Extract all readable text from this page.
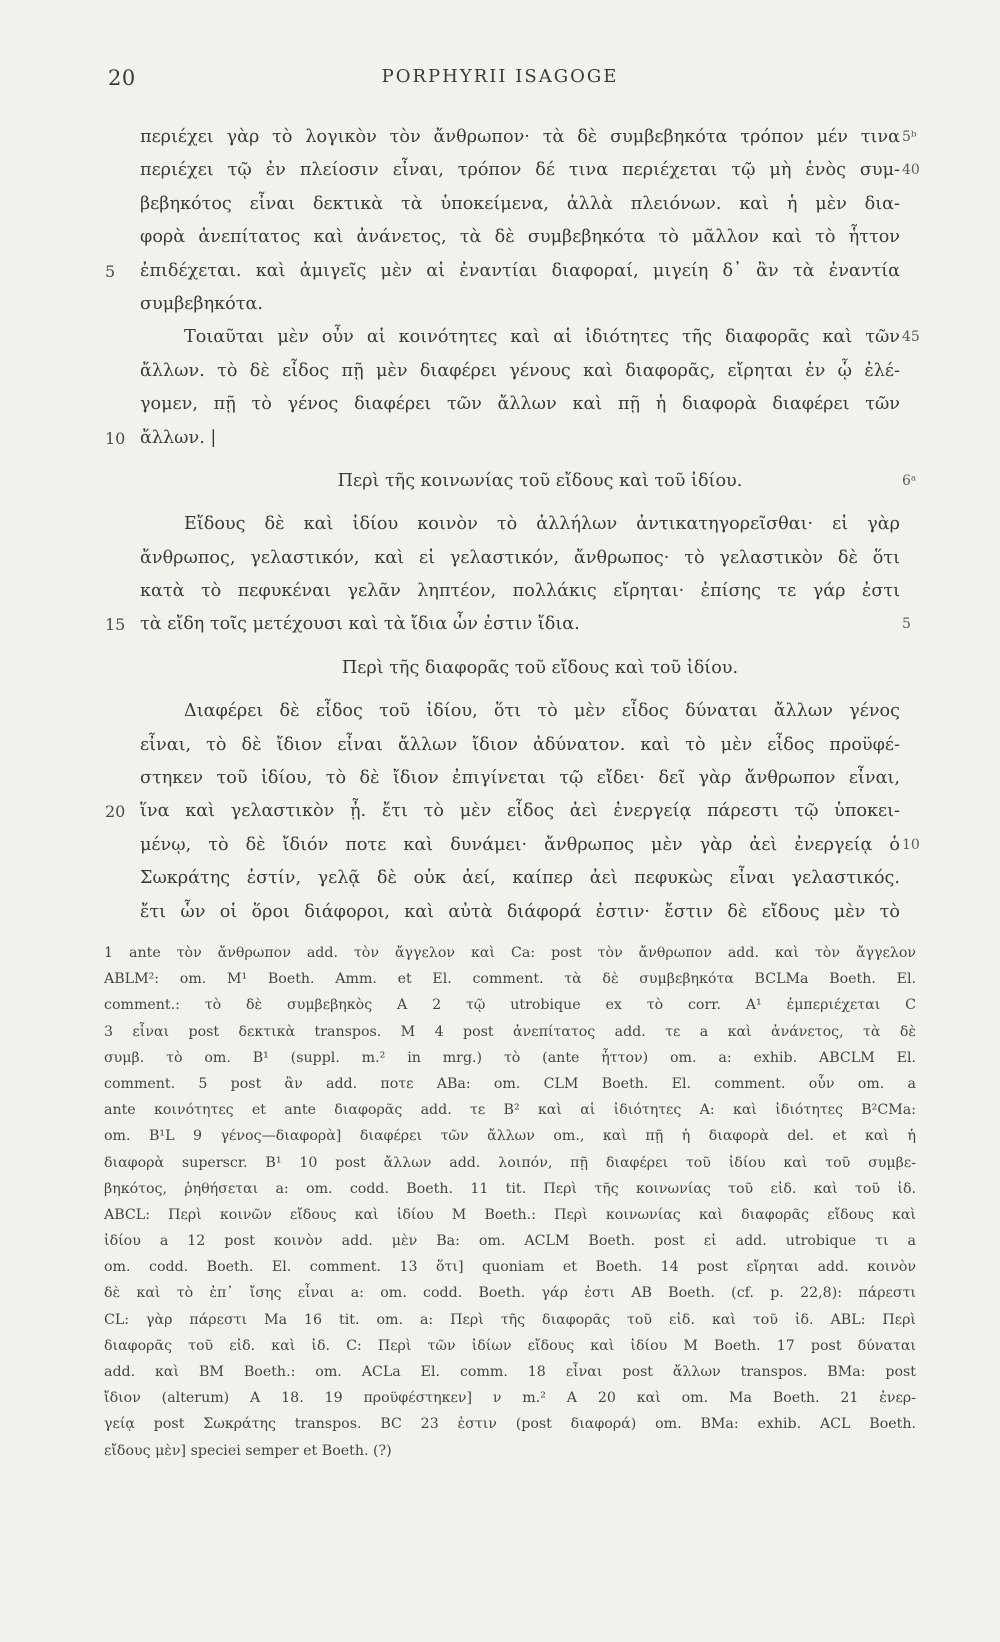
20	PORPHYRII ISAGOGE
περιέχει γὰρ τὸ λογικὸν τὸν ἄνθρωπον· τὰ δὲ συμβεβηκότα τρόπον μέν τινα 5ᵇ
περιέχει τῷ ἐν πλείοσιν εἶναι, τρόπον δέ τινα περιέχεται τῷ μὴ ἑνὸς συμ- 40
βεβηκότος εἶναι δεκτικὰ τὰ ὑποκείμενα, ἀλλὰ πλειόνων. καὶ ἡ μὲν δια-
φορὰ ἀνεπίτατος καὶ ἀνάνετος, τὰ δὲ συμβεβηκότα τὸ μᾶλλον καὶ τὸ ἧττον
5	ἐπιδέχεται. καὶ ἀμιγεῖς μὲν αἱ ἐναντίαι διαφοραί, μιγείη δ᾽ ἂν τὰ ἐναντία
συμβεβηκότα.
Τοιαῦται μὲν οὖν αἱ κοινότητες καὶ αἱ ἰδιότητες τῆς διαφορᾶς καὶ τῶν 45
ἄλλων. τὸ δὲ εἶδος πῇ μὲν διαφέρει γένους καὶ διαφορᾶς, εἴρηται ἐν ᾧ ἐλέ-
γομεν, πῇ τὸ γένος διαφέρει τῶν ἄλλων καὶ πῇ ἡ διαφορὰ διαφέρει τῶν
10 ἄλλων. |
Περὶ τῆς κοινωνίας τοῦ εἴδους καὶ τοῦ ἰδίου.	6ᵃ
Εἴδους δὲ καὶ ἰδίου κοινὸν τὸ ἀλλήλων ἀντικατηγορεῖσθαι· εἰ γὰρ
ἄνθρωπος, γελαστικόν, καὶ εἰ γελαστικόν, ἄνθρωπος· τὸ γελαστικὸν δὲ ὅτι
κατὰ τὸ πεφυκέναι γελᾶν ληπτέον, πολλάκις εἴρηται· ἐπίσης τε γάρ ἐστι
15 τὰ εἴδη τοῖς μετέχουσι καὶ τὰ ἴδια ὧν ἐστιν ἴδια.	5
Περὶ τῆς διαφορᾶς τοῦ εἴδους καὶ τοῦ ἰδίου.
Διαφέρει δὲ εἶδος τοῦ ἰδίου, ὅτι τὸ μὲν εἶδος δύναται ἄλλων γένος
εἶναι, τὸ δὲ ἴδιον εἶναι ἄλλων ἴδιον ἀδύνατον. καὶ τὸ μὲν εἶδος προϋφέ-
στηκεν τοῦ ἰδίου, τὸ δὲ ἴδιον ἐπιγίνεται τῷ εἴδει· δεῖ γὰρ ἄνθρωπον εἶναι,
20 ἵνα καὶ γελαστικὸν ᾖ. ἔτι τὸ μὲν εἶδος ἀεὶ ἐνεργείᾳ πάρεστι τῷ ὑποκει-
μένῳ, τὸ δὲ ἴδιόν ποτε καὶ δυνάμει· ἄνθρωπος μὲν γὰρ ἀεὶ ἐνεργείᾳ ὁ 10
Σωκράτης ἐστίν, γελᾷ δὲ οὐκ ἀεί, καίπερ ἀεὶ πεφυκὼς εἶναι γελαστικός.
ἔτι ὧν οἱ ὅροι διάφοροι, καὶ αὐτὰ διάφορά ἐστιν· ἔστιν δὲ εἴδους μὲν τὸ
1 ante τὸν ἄνθρωπον add. τὸν ἄγγελον καὶ Ca: post τὸν ἄνθρωπον add. καὶ τὸν ἄγγελον
ABLM²: om. M¹ Boeth. Amm. et El. comment. τὰ δὲ συμβεβηκότα BCLMa Boeth. El.
comment.: τὸ δὲ συμβεβηκὸς A 2 τῷ utrobique ex τὸ corr. A¹ ἐμπεριέχεται C
3 εἶναι post δεκτικὰ transpos. M 4 post ἀνεπίτατος add. τε a καὶ ἀνάνετος, τὰ δὲ
συμβ. τὸ om. B¹ (suppl. m.² in mrg.) τὸ (ante ἧττον) om. a: exhib. ABCLM El.
comment. 5 post ἂν add. ποτε ABa: om. CLM Boeth. El. comment. οὖν om. a
ante κοινότητες et ante διαφορᾶς add. τε B² καὶ αἱ ἰδιότητες A: καὶ ἰδιότητες B²CMa:
om. B¹L 9 γένος—διαφορὰ] διαφέρει τῶν ἄλλων om., καὶ πῇ ἡ διαφορὰ del. et καὶ ἡ
διαφορὰ superscr. B¹ 10 post ἄλλων add. λοιπόν, πῇ διαφέρει τοῦ ἰδίου καὶ τοῦ συμβε-
βηκότος, ῥηθήσεται a: om. codd. Boeth. 11 tit. Περὶ τῆς κοινωνίας τοῦ εἰδ. καὶ τοῦ ἰδ.
ABCL: Περὶ κοινῶν εἴδους καὶ ἰδίου M Boeth.: Περὶ κοινωνίας καὶ διαφορᾶς εἴδους καὶ
ἰδίου a 12 post κοινὸν add. μὲν Ba: om. ACLM Boeth. post εἰ add. utrobique τι a
om. codd. Boeth. El. comment. 13 ὅτι] quoniam et Boeth. 14 post εἴρηται add. κοινὸν
δὲ καὶ τὸ ἐπ᾽ ἴσης εἶναι a: om. codd. Boeth. γάρ ἐστι AB Boeth. (cf. p. 22,8): πάρεστι
CL: γὰρ πάρεστι Ma 16 tit. om. a: Περὶ τῆς διαφορᾶς τοῦ εἰδ. καὶ τοῦ ἰδ. ABL: Περὶ
διαφορᾶς τοῦ εἰδ. καὶ ἰδ. C: Περὶ τῶν ἰδίων εἴδους καὶ ἰδίου M Boeth. 17 post δύναται
add. καὶ BM Boeth.: om. ACLa El. comm. 18 εἶναι post ἄλλων transpos. BMa: post
ἴδιον (alterum) A 18. 19 προϋφέστηκεν] ν m.² A 20 καὶ om. Ma Boeth. 21 ἐνερ-
γείᾳ post Σωκράτης transpos. BC 23 ἐστιν (post διαφορά) om. BMa: exhib. ACL Boeth.
εἴδους μὲν] speciei semper et Boeth. (?)
